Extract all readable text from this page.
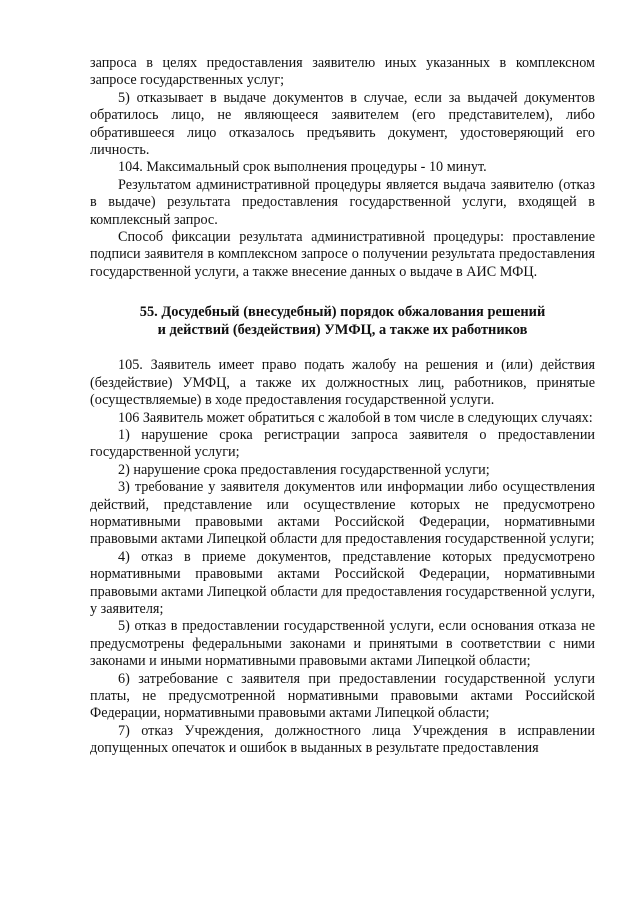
запроса в целях предоставления заявителю иных указанных в комплексном запросе государственных услуг;

5) отказывает в выдаче документов в случае, если за выдачей документов обратилось лицо, не являющееся заявителем (его представителем), либо обратившееся лицо отказалось предъявить документ, удостоверяющий его личность.

104. Максимальный срок выполнения процедуры - 10 минут.

Результатом административной процедуры является выдача заявителю (отказ в выдаче) результата предоставления государственной услуги, входящей в комплексный запрос.

Способ фиксации результата административной процедуры: проставление подписи заявителя в комплексном запросе о получении результата предоставления государственной услуги, а также внесение данных о выдаче в АИС МФЦ.

55. Досудебный (внесудебный) порядок обжалования решений
и действий (бездействия) УМФЦ, а также их работников

105. Заявитель имеет право подать жалобу на решения и (или) действия (бездействие) УМФЦ, а также их должностных лиц, работников, принятые (осуществляемые) в ходе предоставления государственной услуги.

106 Заявитель может обратиться с жалобой в том числе в следующих случаях:

1) нарушение срока регистрации запроса заявителя о предоставлении государственной услуги;

2) нарушение срока предоставления государственной услуги;

3) требование у заявителя документов или информации либо осуществления действий, представление или осуществление которых не предусмотрено нормативными правовыми актами Российской Федерации, нормативными правовыми актами Липецкой области для предоставления государственной услуги;

4) отказ в приеме документов, представление которых предусмотрено нормативными правовыми актами Российской Федерации, нормативными правовыми актами Липецкой области для предоставления государственной услуги, у заявителя;

5) отказ в предоставлении государственной услуги, если основания отказа не предусмотрены федеральными законами и принятыми в соответствии с ними законами и иными нормативными правовыми актами Липецкой области;

6) затребование с заявителя при предоставлении государственной услуги платы, не предусмотренной нормативными правовыми актами Российской Федерации, нормативными правовыми актами Липецкой области;

7) отказ Учреждения, должностного лица Учреждения в исправлении допущенных опечаток и ошибок в выданных в результате предоставления
